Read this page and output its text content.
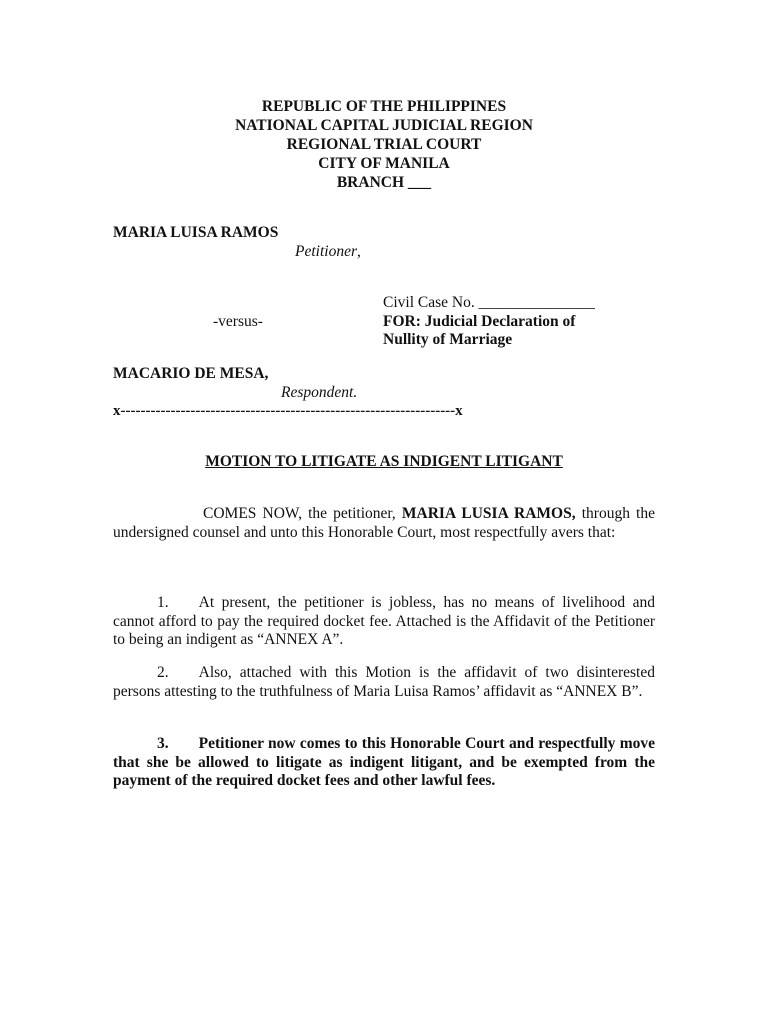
REPUBLIC OF THE PHILIPPINES
NATIONAL CAPITAL JUDICIAL REGION
REGIONAL TRIAL COURT
CITY OF MANILA
BRANCH ___
MARIA LUISA RAMOS
Petitioner,
Civil Case No. _______________
-versus-	FOR: Judicial Declaration of
Nullity of Marriage
MACARIO DE MESA,
Respondent.
x-------------------------------------------------------------------x
MOTION TO LITIGATE AS INDIGENT LITIGANT
COMES NOW, the petitioner, MARIA LUSIA RAMOS, through the undersigned counsel and unto this Honorable Court, most respectfully avers that:
1. At present, the petitioner is jobless, has no means of livelihood and cannot afford to pay the required docket fee. Attached is the Affidavit of the Petitioner to being an indigent as “ANNEX A”.
2. Also, attached with this Motion is the affidavit of two disinterested persons attesting to the truthfulness of Maria Luisa Ramos’ affidavit as “ANNEX B”.
3. Petitioner now comes to this Honorable Court and respectfully move that she be allowed to litigate as indigent litigant, and be exempted from the payment of the required docket fees and other lawful fees.
